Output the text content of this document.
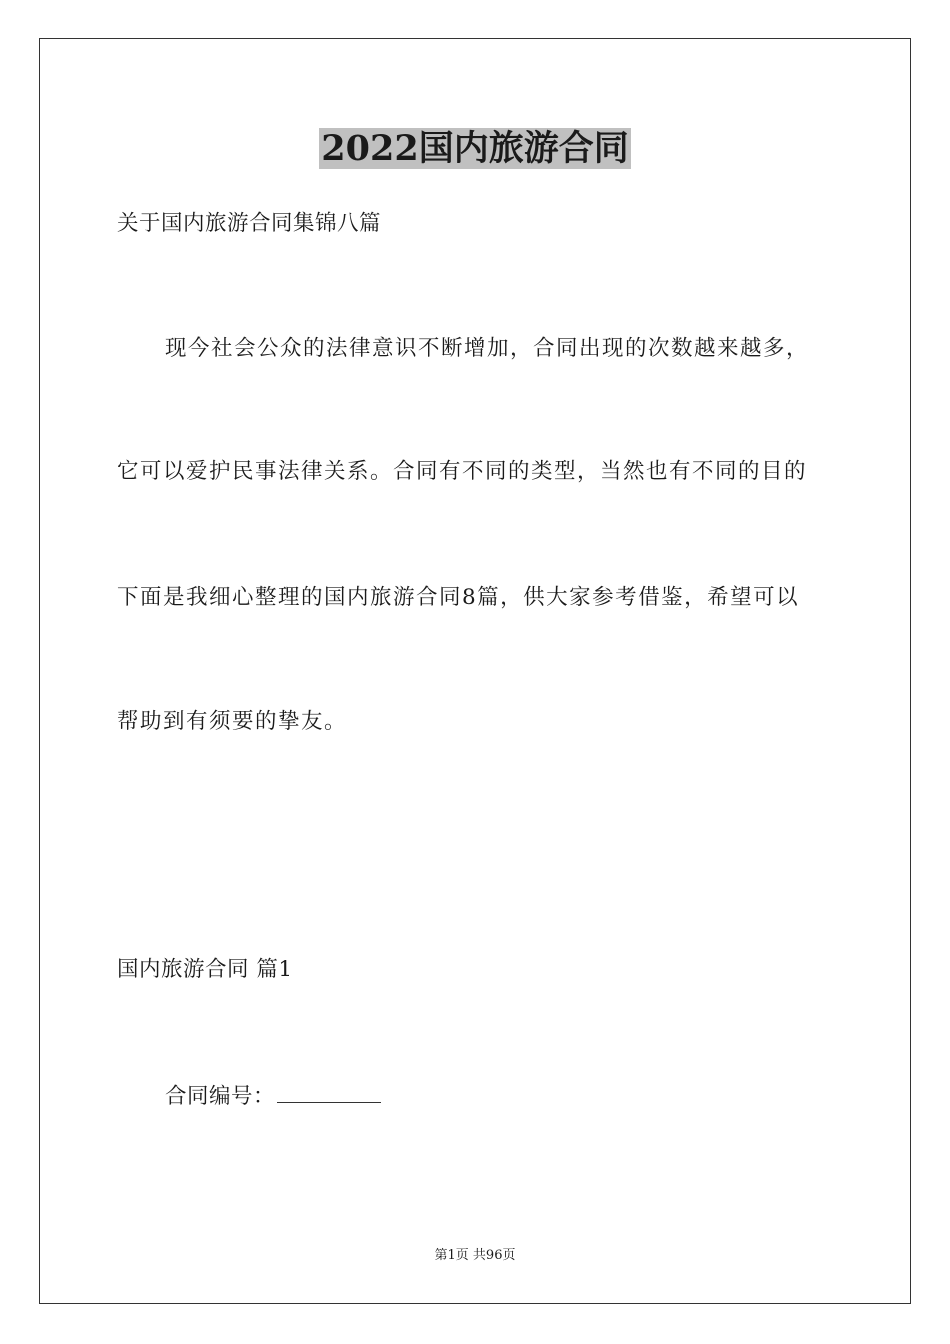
2022国内旅游合同

关于国内旅游合同集锦八篇

现今社会公众的法律意识不断增加，合同出现的次数越来越多，

它可以爱护民事法律关系。合同有不同的类型，当然也有不同的目的

下面是我细心整理的国内旅游合同8篇，供大家参考借鉴，希望可以

帮助到有须要的挚友。

国内旅游合同 篇1

合同编号：

第1页 共96页
